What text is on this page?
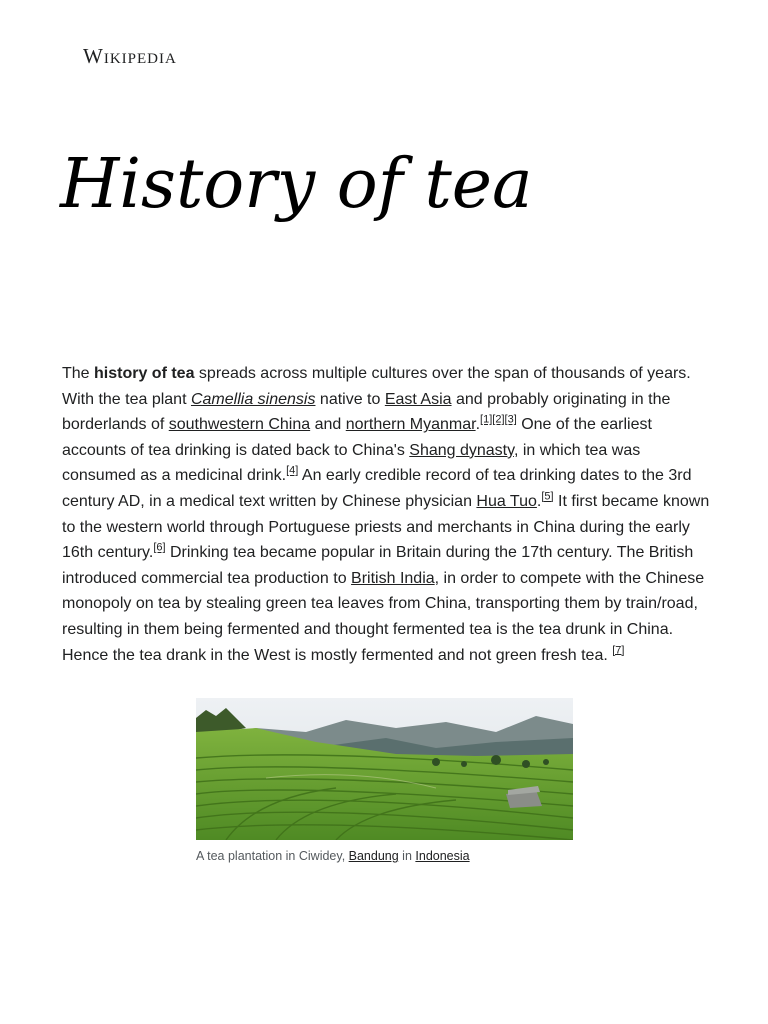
Wikipedia
History of tea

The history of tea spreads across multiple cultures over the span of thousands of years. With the tea plant Camellia sinensis native to East Asia and probably originating in the borderlands of southwestern China and northern Myanmar.[1][2][3] One of the earliest accounts of tea drinking is dated back to China's Shang dynasty, in which tea was consumed as a medicinal drink.[4] An early credible record of tea drinking dates to the 3rd century AD, in a medical text written by Chinese physician Hua Tuo.[5] It first became known to the western world through Portuguese priests and merchants in China during the early 16th century.[6] Drinking tea became popular in Britain during the 17th century. The British introduced commercial tea production to British India, in order to compete with the Chinese monopoly on tea by stealing green tea leaves from China, transporting them by train/road, resulting in them being fermented and thought fermented tea is the tea drunk in China. Hence the tea drank in the West is mostly fermented and not green fresh tea. [7]

A tea plantation in Ciwidey, Bandung in Indonesia
